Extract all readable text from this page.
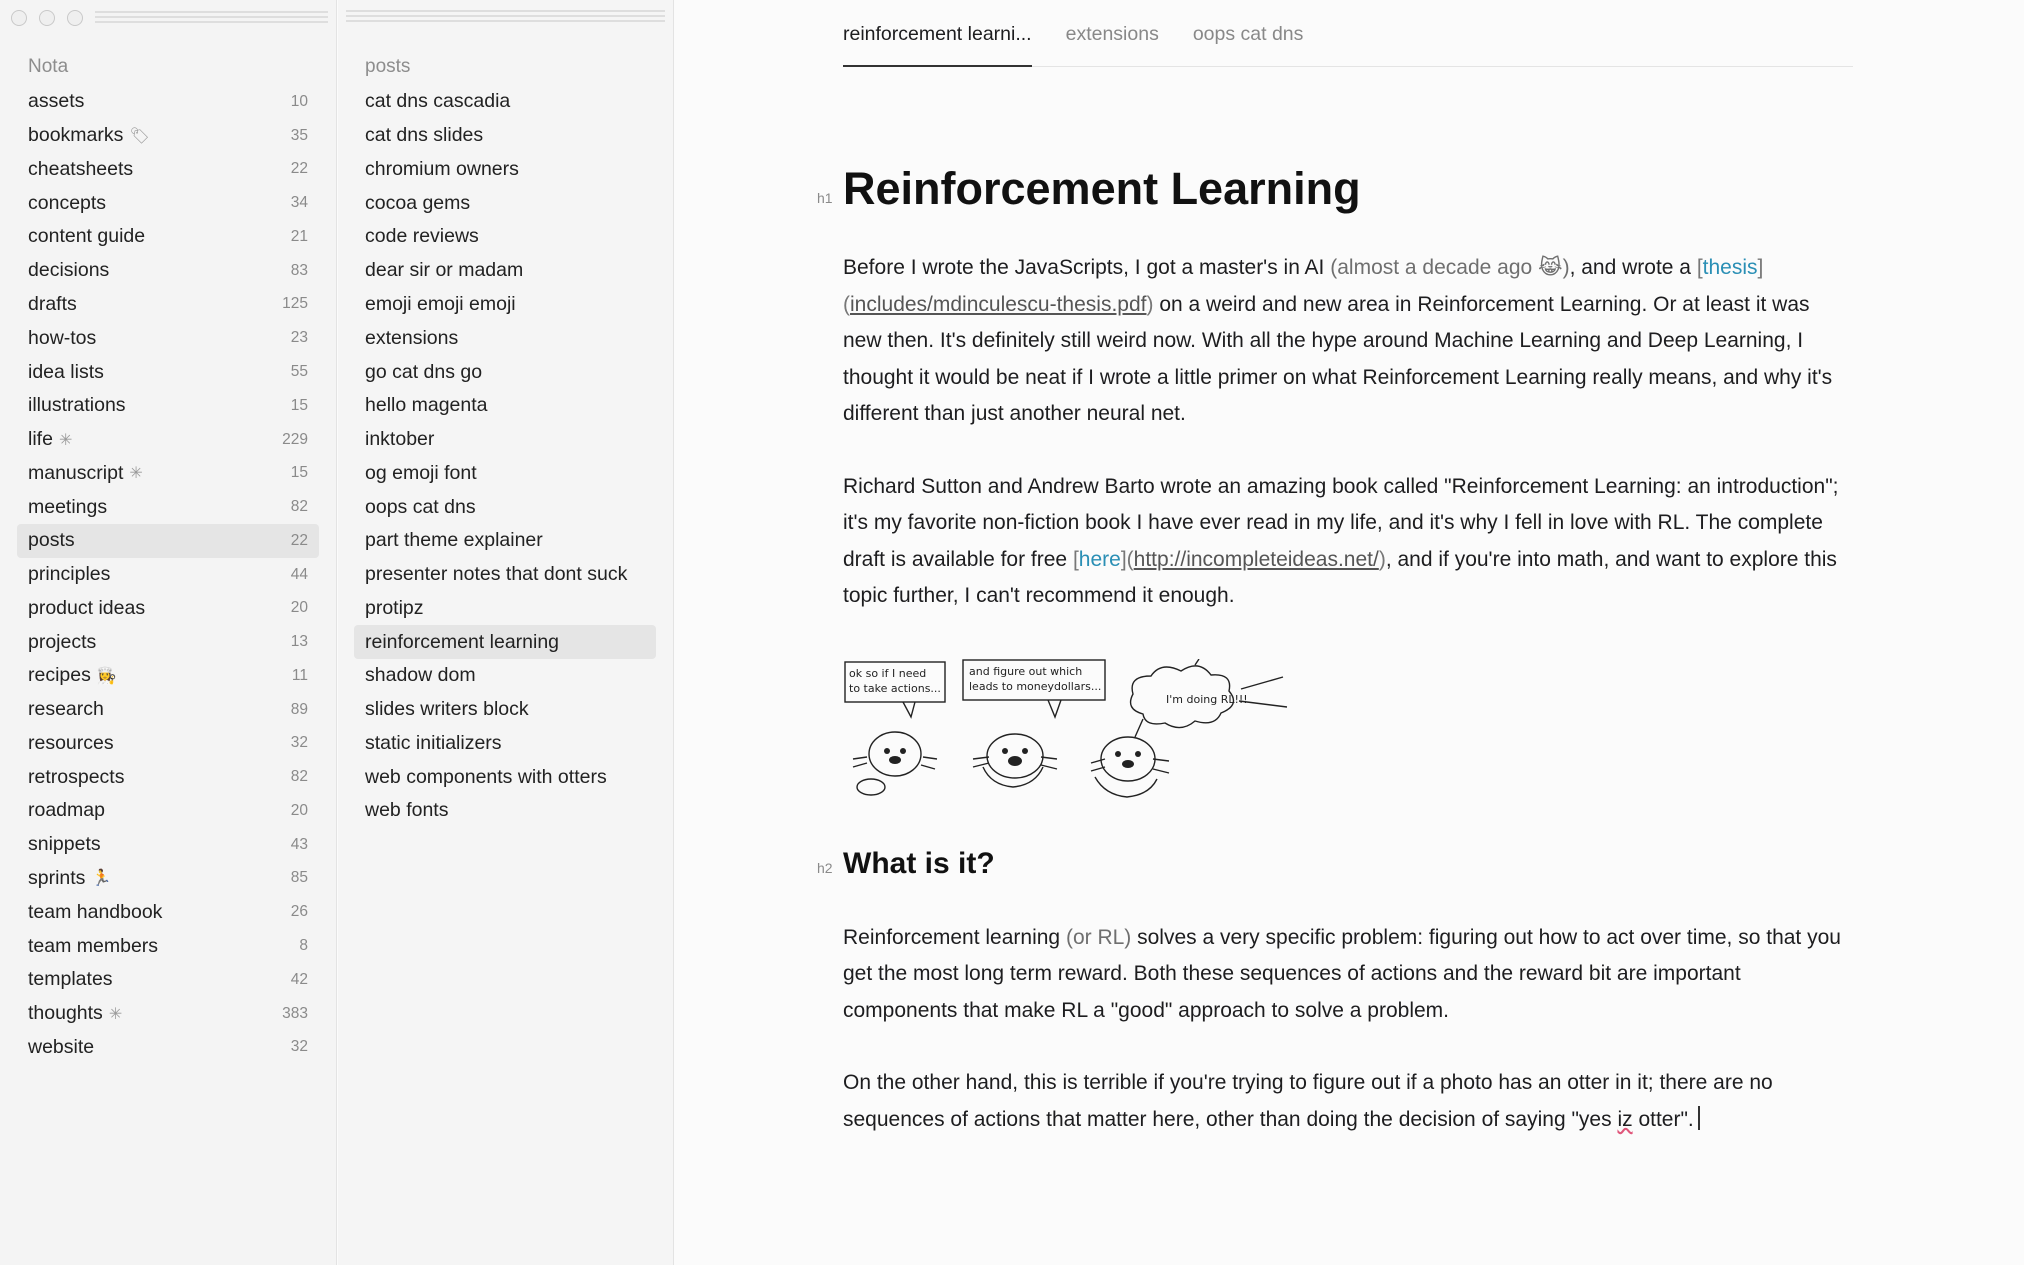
Nota
assets	10
bookmarks 🏷	35
cheatsheets	22
concepts	34
content guide	21
decisions	83
drafts	125
how-tos	23
idea lists	55
illustrations	15
life ✳	229
manuscript ✳	15
meetings	82
posts	22
principles	44
product ideas	20
projects	13
recipes 👩‍🍳	11
research	89
resources	32
retrospects	82
roadmap	20
snippets	43
sprints 🏃	85
team handbook	26
team members	8
templates	42
thoughts ✳	383
website	32
posts
cat dns cascadia
cat dns slides
chromium owners
cocoa gems
code reviews
dear sir or madam
emoji emoji emoji
extensions
go cat dns go
hello magenta
inktober
og emoji font
oops cat dns
part theme explainer
presenter notes that dont suck
protipz
reinforcement learning
shadow dom
slides writers block
static initializers
web components with otters
web fonts
reinforcement learni... extensions oops cat dns
h1 Reinforcement Learning

Before I wrote the JavaScripts, I got a master's in AI (almost a decade ago 😹), and wrote a [thesis](includes/mdinculescu-thesis.pdf) on a weird and new area in Reinforcement Learning. Or at least it was new then. It's definitely still weird now. With all the hype around Machine Learning and Deep Learning, I thought it would be neat if I wrote a little primer on what Reinforcement Learning really means, and why it's different than just another neural net.

Richard Sutton and Andrew Barto wrote an amazing book called "Reinforcement Learning: an introduction"; it's my favorite non-fiction book I have ever read in my life, and it's why I fell in love with RL. The complete draft is available for free [here](http://incompleteideas.net/), and if you're into math, and want to explore this topic further, I can't recommend it enough.

ok so if I need
to take actions...
and figure out which
leads to moneydollars...
I'm doing RL!!!
h2 What is it?

Reinforcement learning (or RL) solves a very specific problem: figuring out how to act over time, so that you get the most long term reward. Both these sequences of actions and the reward bit are important components that make RL a "good" approach to solve a problem.

On the other hand, this is terrible if you're trying to figure out if a photo has an otter in it; there are no sequences of actions that matter here, other than doing the decision of saying "yes iz otter".
